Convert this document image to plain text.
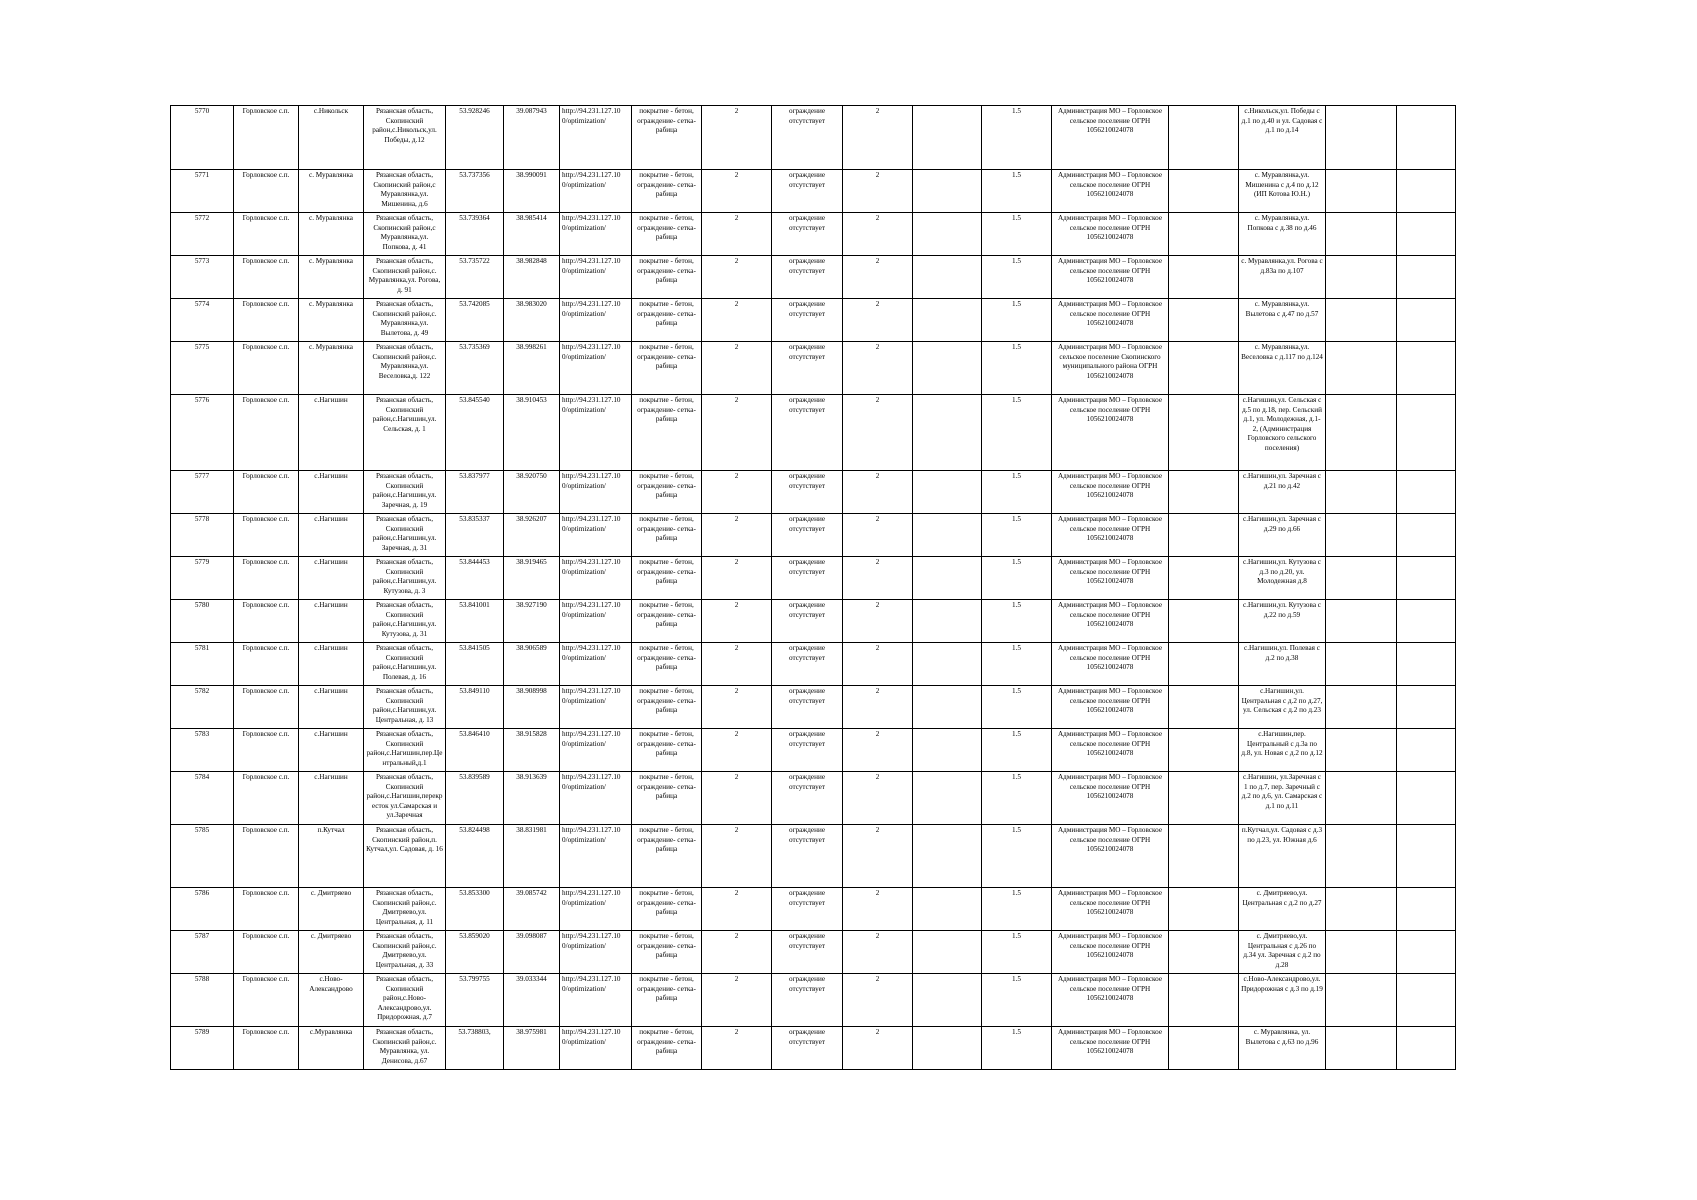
5770	Горловское с.п.	с.Никольск	Рязанская область, Скопинский район,с.Никольск,ул. Победы, д.12	53.928246	39.087943	http://94.231.127.10 0/optimization/	покрытие - бетон, ограждение- сетка-рабица	2	ограждение отсутствует	2		1.5	Администрация МО – Горловское сельское поселение ОГРН 1056210024078		с.Никольск,ул. Победы с д.1 по д.40 и ул. Садовая с д.1 по д.14		
5771	Горловское с.п.	с. Муравлянка	Рязанская область, Скопинский район,с Муравлянка,ул. Мишенина, д.6	53.737356	38.990091	http://94.231.127.10 0/optimization/	покрытие - бетон, ограждение- сетка-рабица	2	ограждение отсутствует	2		1.5	Администрация МО – Горловское сельское поселение ОГРН 1056210024078		с. Муравлянка,ул. Мишенина с д.4 по д.12 (ИП Котова Ю.Н.)		
5772	Горловское с.п.	с. Муравлянка	Рязанская область, Скопинский район,с Муравлянка,ул. Попкова, д. 41	53.739364	38.985414	http://94.231.127.10 0/optimization/	покрытие - бетон, ограждение- сетка-рабица	2	ограждение отсутствует	2		1.5	Администрация МО – Горловское сельское поселение ОГРН 1056210024078		с. Муравлянка,ул. Попкова с д.38 по д.46		
5773	Горловское с.п.	с. Муравлянка	Рязанская область, Скопинский район,с. Муравлянка,ул. Рогова, д. 91	53.735722	38.982848	http://94.231.127.10 0/optimization/	покрытие - бетон, ограждение- сетка-рабица	2	ограждение отсутствует	2		1.5	Администрация МО – Горловское сельское поселение ОГРН 1056210024078		с. Муравлянка,ул. Рогова с д.83а по д.107		
5774	Горловское с.п.	с. Муравлянка	Рязанская область, Скопинский район,с. Муравлянка,ул. Вылетова, д. 49	53.742085	38.983020	http://94.231.127.10 0/optimization/	покрытие - бетон, ограждение- сетка-рабица	2	ограждение отсутствует	2		1.5	Администрация МО – Горловское сельское поселение ОГРН 1056210024078		с. Муравлянка,ул. Вылетова с д.47 по д.57		
5775	Горловское с.п.	с. Муравлянка	Рязанская область, Скопинский район,с. Муравлянка,ул. Веселовка,д. 122	53.735369	38.998261	http://94.231.127.10 0/optimization/	покрытие - бетон, ограждение- сетка-рабица	2	ограждение отсутствует	2		1.5	Администрация МО – Горловское сельское поселение Скопинского муниципального района ОГРН 1056210024078		с. Муравлянка,ул. Веселовка с д.117 по д.124		
5776	Горловское с.п.	с.Нагишин	Рязанская область, Скопинский район,с.Нагишин,ул. Сельская, д. 1	53.845540	38.910453	http://94.231.127.10 0/optimization/	покрытие - бетон, ограждение- сетка-рабица	2	ограждение отсутствует	2		1.5	Администрация МО – Горловское сельское поселение ОГРН 1056210024078		с.Нагишин,ул. Сельская с д.5 по д.18, пер. Сельский д.1, ул. Молодежная, д.1-2, (Администрация Горловского сельского поселения)		
5777	Горловское с.п.	с.Нагишин	Рязанская область, Скопинский район,с.Нагишин,ул. Заречная, д. 19	53.837977	38.920750	http://94.231.127.10 0/optimization/	покрытие - бетон, ограждение- сетка-рабица	2	ограждение отсутствует	2		1.5	Администрация МО – Горловское сельское поселение ОГРН 1056210024078		с.Нагишин,ул. Заречная с д.21 по д.42		
5778	Горловское с.п.	с.Нагишин	Рязанская область, Скопинский район,с.Нагишин,ул. Заречная, д. 31	53.835337	38.926207	http://94.231.127.10 0/optimization/	покрытие - бетон, ограждение- сетка-рабица	2	ограждение отсутствует	2		1.5	Администрация МО – Горловское сельское поселение ОГРН 1056210024078		с.Нагишин,ул. Заречная с д.29 по д.66		
5779	Горловское с.п.	с.Нагишин	Рязанская область, Скопинский район,с.Нагишин,ул. Кутузова, д. 3	53.844453	38.919465	http://94.231.127.10 0/optimization/	покрытие - бетон, ограждение- сетка-рабица	2	ограждение отсутствует	2		1.5	Администрация МО – Горловское сельское поселение ОГРН 1056210024078		с.Нагишин,ул. Кутузова с д.3 по д.20, ул. Молодежная д.8		
5780	Горловское с.п.	с.Нагишин	Рязанская область, Скопинский район,с.Нагишин,ул. Кутузова, д. 31	53.841001	38.927190	http://94.231.127.10 0/optimization/	покрытие - бетон, ограждение- сетка-рабица	2	ограждение отсутствует	2		1.5	Администрация МО – Горловское сельское поселение ОГРН 1056210024078		с.Нагишин,ул. Кутузова с д.22 по д.59		
5781	Горловское с.п.	с.Нагишин	Рязанская область, Скопинский район,с.Нагишин,ул. Полевая, д. 16	53.841505	38.906589	http://94.231.127.10 0/optimization/	покрытие - бетон, ограждение- сетка-рабица	2	ограждение отсутствует	2		1.5	Администрация МО – Горловское сельское поселение ОГРН 1056210024078		с.Нагишин,ул. Полевая с д.2 по д.38		
5782	Горловское с.п.	с.Нагишин	Рязанская область, Скопинский район,с.Нагишин,ул. Центральная, д. 13	53.849110	38.908998	http://94.231.127.10 0/optimization/	покрытие - бетон, ограждение- сетка-рабица	2	ограждение отсутствует	2		1.5	Администрация МО – Горловское сельское поселение ОГРН 1056210024078		с.Нагишин,ул. Центральная с д.2 по д.27, ул. Сельская с д.2 по д.23		
5783	Горловское с.п.	с.Нагишин	Рязанская область, Скопинский район,с.Нагишин,пер.Центральный,д.1	53.846410	38.915828	http://94.231.127.10 0/optimization/	покрытие - бетон, ограждение- сетка-рабица	2	ограждение отсутствует	2		1.5	Администрация МО – Горловское сельское поселение ОГРН 1056210024078		с.Нагишин,пер. Центральный с д.3а по д.8, ул. Новая с д.2 по д.12		
5784	Горловское с.п.	с.Нагишин	Рязанская область, Скопинский район,с.Нагишин,перекресток ул.Самарская и ул.Заречная	53.839589	38.913639	http://94.231.127.10 0/optimization/	покрытие - бетон, ограждение- сетка-рабица	2	ограждение отсутствует	2		1.5	Администрация МО – Горловское сельское поселение ОГРН 1056210024078		с.Нагишин, ул.Заречная с 1 по д.7, пер. Заречный с д.2 по д.6, ул. Самарская с д.1 по д.11		
5785	Горловское с.п.	п.Кутчал	Рязанская область, Скопинский район,п. Кутчал,ул. Садовая, д. 16	53.824498	38.831981	http://94.231.127.10 0/optimization/	покрытие - бетон, ограждение- сетка-рабица	2	ограждение отсутствует	2		1.5	Администрация МО – Горловское сельское поселение ОГРН 1056210024078		п.Кутчал,ул. Садовая с д.3 по д.23, ул. Южная д.6		
5786	Горловское с.п.	с. Дмитряево	Рязанская область, Скопинский район,с. Дмитряево,ул. Центральная, д. 11	53.853300	39.085742	http://94.231.127.10 0/optimization/	покрытие - бетон, ограждение- сетка-рабица	2	ограждение отсутствует	2		1.5	Администрация МО – Горловское сельское поселение ОГРН 1056210024078		с. Дмитряево,ул. Центральная с д.2 по д.27		
5787	Горловское с.п.	с. Дмитряево	Рязанская область, Скопинский район,с. Дмитряево,ул. Центральная, д. 33	53.859020	39.098087	http://94.231.127.10 0/optimization/	покрытие - бетон, ограждение- сетка-рабица	2	ограждение отсутствует	2		1.5	Администрация МО – Горловское сельское поселение ОГРН 1056210024078		с. Дмитряево,ул. Центральная с д.26 по д.34 ул. Заречная с д.2 по д.28		
5788	Горловское с.п.	с.Ново-Александрово	Рязанская область, Скопинский район,с.Ново-Александрово,ул. Придорожная, д.7	53.799755	39.033344	http://94.231.127.10 0/optimization/	покрытие - бетон, ограждение- сетка-рабица	2	ограждение отсутствует	2		1.5	Администрация МО – Горловское сельское поселение ОГРН 1056210024078		с.Ново-Александрово,ул. Придорожная с д.3 по д.19		
5789	Горловское с.п.	с.Муравлянка	Рязанская область, Скопинский район,с. Муравлянка, ул. Денисова, д.67	53.738803,	38.975981	http://94.231.127.10 0/optimization/	покрытие - бетон, ограждение- сетка-рабица	2	ограждение отсутствует	2		1.5	Администрация МО – Горловское сельское поселение ОГРН 1056210024078		с. Муравлянка, ул. Вылетова с д.63 по д.96		
